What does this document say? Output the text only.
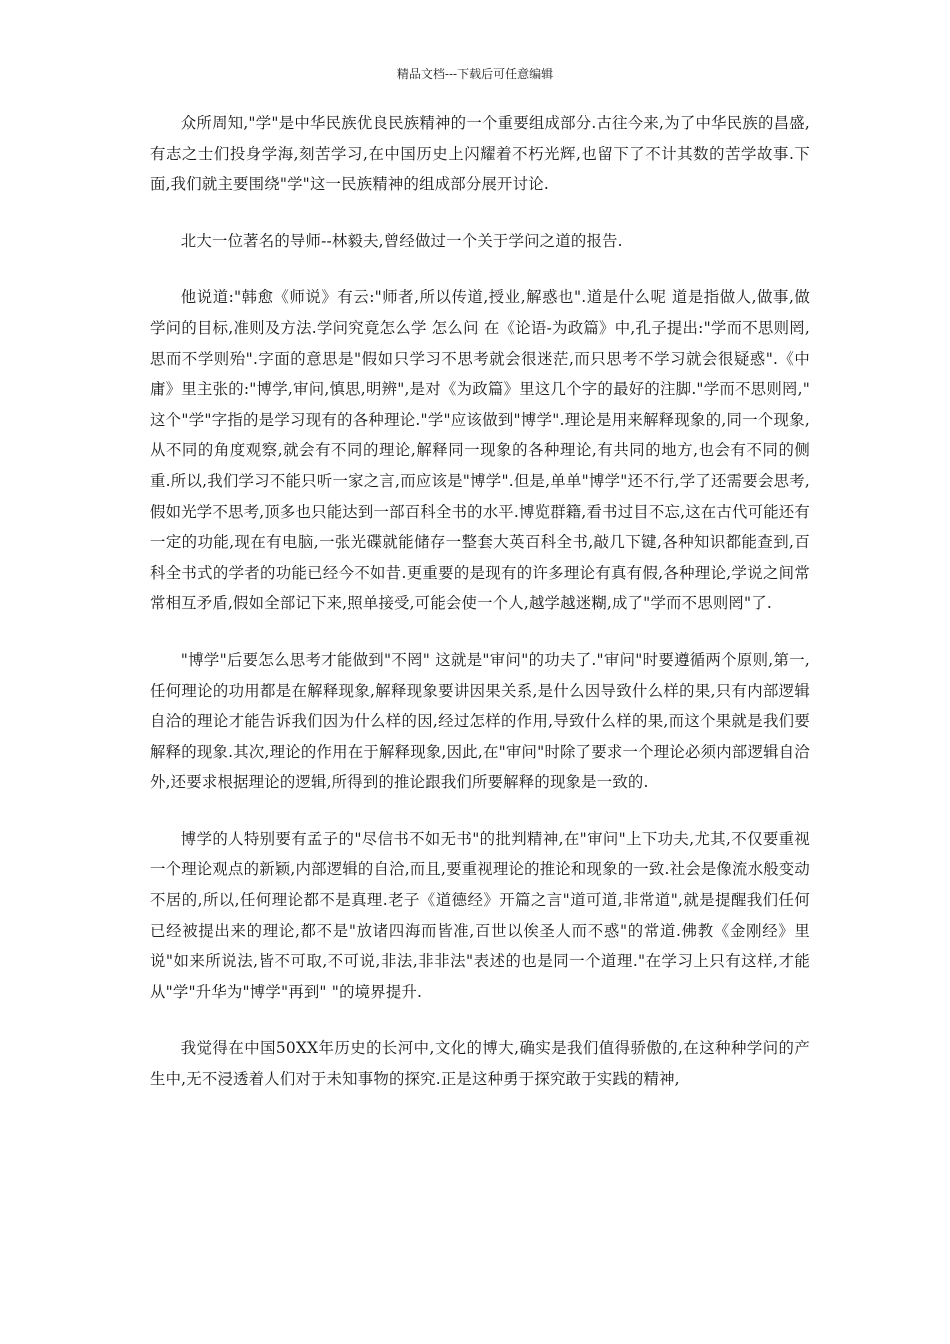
精品文档---下载后可任意编辑

众所周知,"学"是中华民族优良民族精神的一个重要组成部分.古往今来,为了中华民族的昌盛,有志之士们投身学海,刻苦学习,在中国历史上闪耀着不朽光辉,也留下了不计其数的苦学故事.下面,我们就主要围绕"学"这一民族精神的组成部分展开讨论.

北大一位著名的导师--林毅夫,曾经做过一个关于学问之道的报告.

他说道:"韩愈《师说》有云:"师者,所以传道,授业,解惑也".道是什么呢 道是指做人,做事,做学问的目标,准则及方法.学问究竟怎么学 怎么问 在《论语-为政篇》中,孔子提出:"学而不思则罔,思而不学则殆".字面的意思是"假如只学习不思考就会很迷茫,而只思考不学习就会很疑惑".《中庸》里主张的:"博学,审问,慎思,明辨",是对《为政篇》里这几个字的最好的注脚."学而不思则罔," 这个"学"字指的是学习现有的各种理论."学"应该做到"博学".理论是用来解释现象的,同一个现象,从不同的角度观察,就会有不同的理论,解释同一现象的各种理论,有共同的地方,也会有不同的侧重.所以,我们学习不能只听一家之言,而应该是"博学".但是,单单"博学"还不行,学了还需要会思考,假如光学不思考,顶多也只能达到一部百科全书的水平.博览群籍,看书过目不忘,这在古代可能还有一定的功能,现在有电脑,一张光碟就能储存一整套大英百科全书,敲几下键,各种知识都能查到,百科全书式的学者的功能已经今不如昔.更重要的是现有的许多理论有真有假,各种理论,学说之间常常相互矛盾,假如全部记下来,照单接受,可能会使一个人,越学越迷糊,成了"学而不思则罔"了.

"博学"后要怎么思考才能做到"不罔" 这就是"审问"的功夫了."审问"时要遵循两个原则,第一,任何理论的功用都是在解释现象,解释现象要讲因果关系,是什么因导致什么样的果,只有内部逻辑自洽的理论才能告诉我们因为什么样的因,经过怎样的作用,导致什么样的果,而这个果就是我们要解释的现象.其次,理论的作用在于解释现象,因此,在"审问"时除了要求一个理论必须内部逻辑自洽外,还要求根据理论的逻辑,所得到的推论跟我们所要解释的现象是一致的.

博学的人特别要有孟子的"尽信书不如无书"的批判精神,在"审问"上下功夫,尤其,不仅要重视一个理论观点的新颖,内部逻辑的自洽,而且,要重视理论的推论和现象的一致.社会是像流水般变动不居的,所以,任何理论都不是真理.老子《道德经》开篇之言"道可道,非常道",就是提醒我们任何已经被提出来的理论,都不是"放诸四海而皆准,百世以俟圣人而不惑"的常道.佛教《金刚经》里说"如来所说法,皆不可取,不可说,非法,非非法"表述的也是同一个道理."在学习上只有这样,才能从"学"升华为"博学"再到" "的境界提升.

我觉得在中国50XX年历史的长河中,文化的博大,确实是我们值得骄傲的,在这种种学问的产生中,无不浸透着人们对于未知事物的探究.正是这种勇于探究敢于实践的精神,
